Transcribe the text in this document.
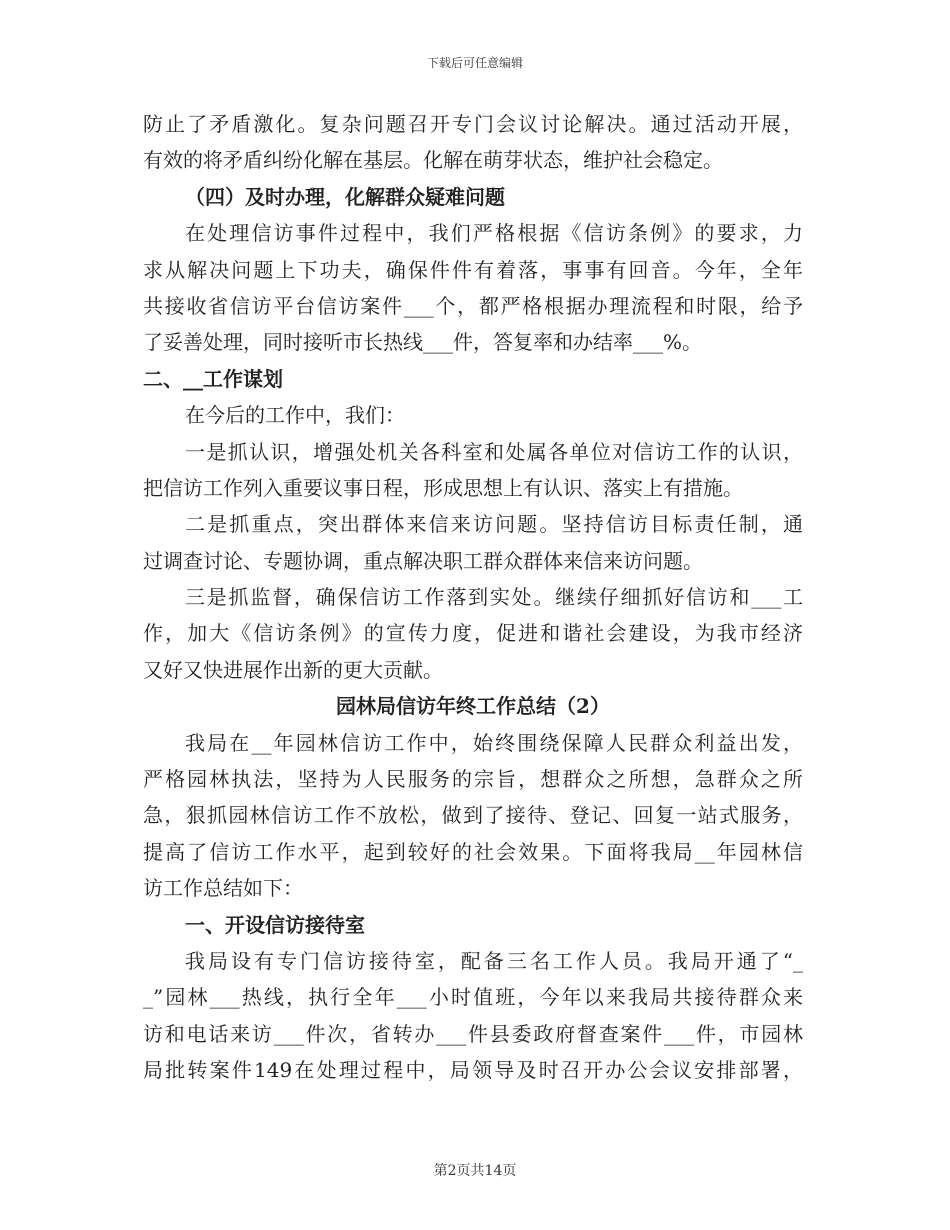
下载后可任意编辑
防止了矛盾激化。复杂问题召开专门会议讨论解决。通过活动开展，
有效的将矛盾纠纷化解在基层。化解在萌芽状态，维护社会稳定。
（四）及时办理，化解群众疑难问题
在处理信访事件过程中，我们严格根据《信访条例》的要求，力
求从解决问题上下功夫，确保件件有着落，事事有回音。今年，全年
共接收省信访平台信访案件___个，都严格根据办理流程和时限，给予
了妥善处理，同时接听市长热线___件，答复率和办结率___%。
二、__工作谋划
在今后的工作中，我们：
一是抓认识，增强处机关各科室和处属各单位对信访工作的认识，
把信访工作列入重要议事日程，形成思想上有认识、落实上有措施。
二是抓重点，突出群体来信来访问题。坚持信访目标责任制，通
过调查讨论、专题协调，重点解决职工群众群体来信来访问题。
三是抓监督，确保信访工作落到实处。继续仔细抓好信访和___工
作，加大《信访条例》的宣传力度，促进和谐社会建设，为我市经济
又好又快进展作出新的更大贡献。
园林局信访年终工作总结（2）
我局在__年园林信访工作中，始终围绕保障人民群众利益出发，
严格园林执法，坚持为人民服务的宗旨，想群众之所想，急群众之所
急，狠抓园林信访工作不放松，做到了接待、登记、回复一站式服务，
提高了信访工作水平，起到较好的社会效果。下面将我局__年园林信
访工作总结如下：
一、开设信访接待室
我局设有专门信访接待室，配备三名工作人员。我局开通了“_
_”园林___热线，执行全年___小时值班，今年以来我局共接待群众来
访和电话来访___件次，省转办___件县委政府督查案件___件，市园林
局批转案件149在处理过程中，局领导及时召开办公会议安排部署，
第2页共14页
